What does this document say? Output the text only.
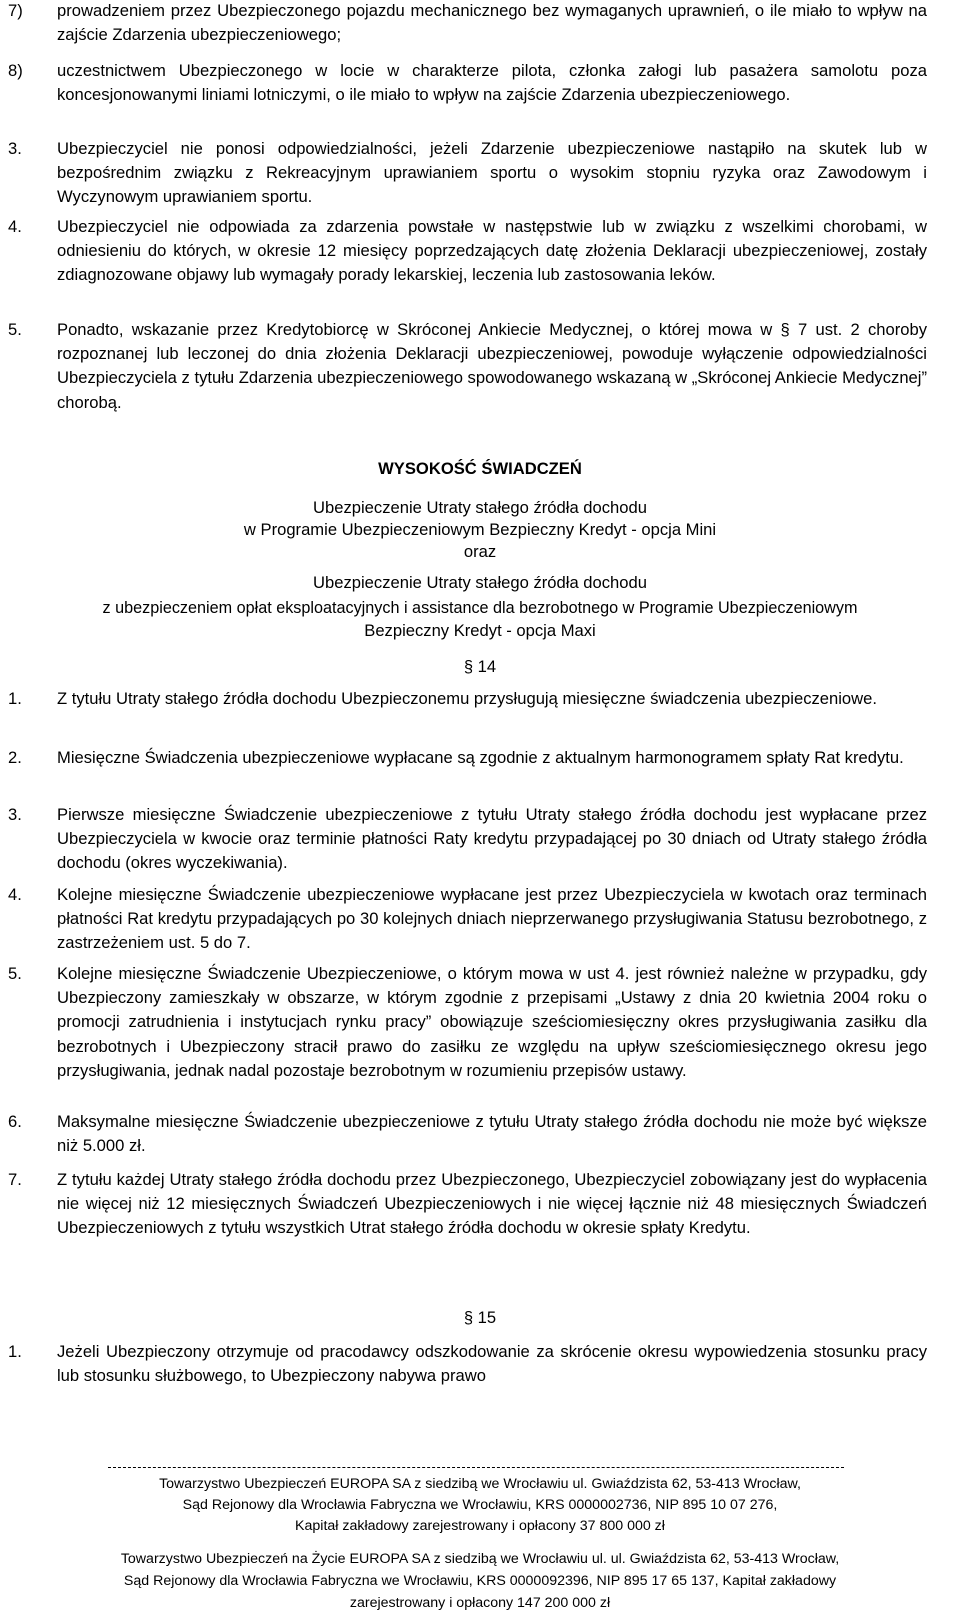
7) prowadzeniem przez Ubezpieczonego pojazdu mechanicznego bez wymaganych uprawnień, o ile miało to wpływ na zajście Zdarzenia ubezpieczeniowego;
8) uczestnictwem Ubezpieczonego w locie w charakterze pilota, członka załogi lub pasażera samolotu poza koncesjonowanymi liniami lotniczymi, o ile miało to wpływ na zajście Zdarzenia ubezpieczeniowego.
3. Ubezpieczyciel nie ponosi odpowiedzialności, jeżeli Zdarzenie ubezpieczeniowe nastąpiło na skutek lub w bezpośrednim związku z Rekreacyjnym uprawianiem sportu o wysokim stopniu ryzyka oraz Zawodowym i Wyczynowym uprawianiem sportu.
4. Ubezpieczyciel nie odpowiada za zdarzenia powstałe w następstwie lub w związku z wszelkimi chorobami, w odniesieniu do których, w okresie 12 miesięcy poprzedzających datę złożenia Deklaracji ubezpieczeniowej, zostały zdiagnozowane objawy lub wymagały porady lekarskiej, leczenia lub zastosowania leków.
5. Ponadto, wskazanie przez Kredytobiorcę w Skróconej Ankiecie Medycznej, o której mowa w § 7 ust. 2 choroby rozpoznanej lub leczonej do dnia złożenia Deklaracji ubezpieczeniowej, powoduje wyłączenie odpowiedzialności Ubezpieczyciela z tytułu Zdarzenia ubezpieczeniowego spowodowanego wskazaną w „Skróconej Ankiecie Medycznej” chorobą.
WYSOKOŚĆ ŚWIADCZEŃ
Ubezpieczenie Utraty stałego źródła dochodu
w Programie Ubezpieczeniowym Bezpieczny Kredyt - opcja Mini
oraz
Ubezpieczenie Utraty stałego źródła dochodu
z ubezpieczeniem opłat eksploatacyjnych i assistance dla bezrobotnego w Programie Ubezpieczeniowym
Bezpieczny Kredyt - opcja Maxi
§ 14
1. Z tytułu Utraty stałego źródła dochodu Ubezpieczonemu przysługują miesięczne świadczenia ubezpieczeniowe.
2. Miesięczne Świadczenia ubezpieczeniowe wypłacane są zgodnie z aktualnym harmonogramem spłaty Rat kredytu.
3. Pierwsze miesięczne Świadczenie ubezpieczeniowe z tytułu Utraty stałego źródła dochodu jest wypłacane przez Ubezpieczyciela w kwocie oraz terminie płatności Raty kredytu przypadającej po 30 dniach od Utraty stałego źródła dochodu (okres wyczekiwania).
4. Kolejne miesięczne Świadczenie ubezpieczeniowe wypłacane jest przez Ubezpieczyciela w kwotach oraz terminach płatności Rat kredytu przypadających po 30 kolejnych dniach nieprzerwanego przysługiwania Statusu bezrobotnego, z zastrzeżeniem ust. 5 do 7.
5. Kolejne miesięczne Świadczenie Ubezpieczeniowe, o którym mowa w ust 4. jest również należne w przypadku, gdy Ubezpieczony zamieszkały w obszarze, w którym zgodnie z przepisami „Ustawy z dnia 20 kwietnia 2004 roku o promocji zatrudnienia i instytucjach rynku pracy” obowiązuje sześciomiesięczny okres przysługiwania zasiłku dla bezrobotnych i Ubezpieczony stracił prawo do zasiłku ze względu na upływ sześciomiesięcznego okresu jego przysługiwania, jednak nadal pozostaje bezrobotnym w rozumieniu przepisów ustawy.
6. Maksymalne miesięczne Świadczenie ubezpieczeniowe z tytułu Utraty stałego źródła dochodu nie może być większe niż 5.000 zł.
7. Z tytułu każdej Utraty stałego źródła dochodu przez Ubezpieczonego, Ubezpieczyciel zobowiązany jest do wypłacenia nie więcej niż 12 miesięcznych Świadczeń Ubezpieczeniowych i nie więcej łącznie niż 48 miesięcznych Świadczeń Ubezpieczeniowych z tytułu wszystkich Utrat stałego źródła dochodu w okresie spłaty Kredytu.
§ 15
1. Jeżeli Ubezpieczony otrzymuje od pracodawcy odszkodowanie za skrócenie okresu wypowiedzenia stosunku pracy lub stosunku służbowego, to Ubezpieczony nabywa prawo
Towarzystwo Ubezpieczeń EUROPA SA z siedzibą we Wrocławiu ul. Gwiaździsta 62, 53-413 Wrocław,
Sąd Rejonowy dla Wrocławia Fabryczna we Wrocławiu, KRS 0000002736, NIP 895 10 07 276,
Kapitał zakładowy zarejestrowany i opłacony 37 800 000 zł
Towarzystwo Ubezpieczeń na Życie EUROPA SA z siedzibą we Wrocławiu ul. ul. Gwiaździsta 62, 53-413 Wrocław,
Sąd Rejonowy dla Wrocławia Fabryczna we Wrocławiu, KRS 0000092396, NIP 895 17 65 137, Kapitał zakładowy
zarejestrowany i opłacony 147 200 000 zł
